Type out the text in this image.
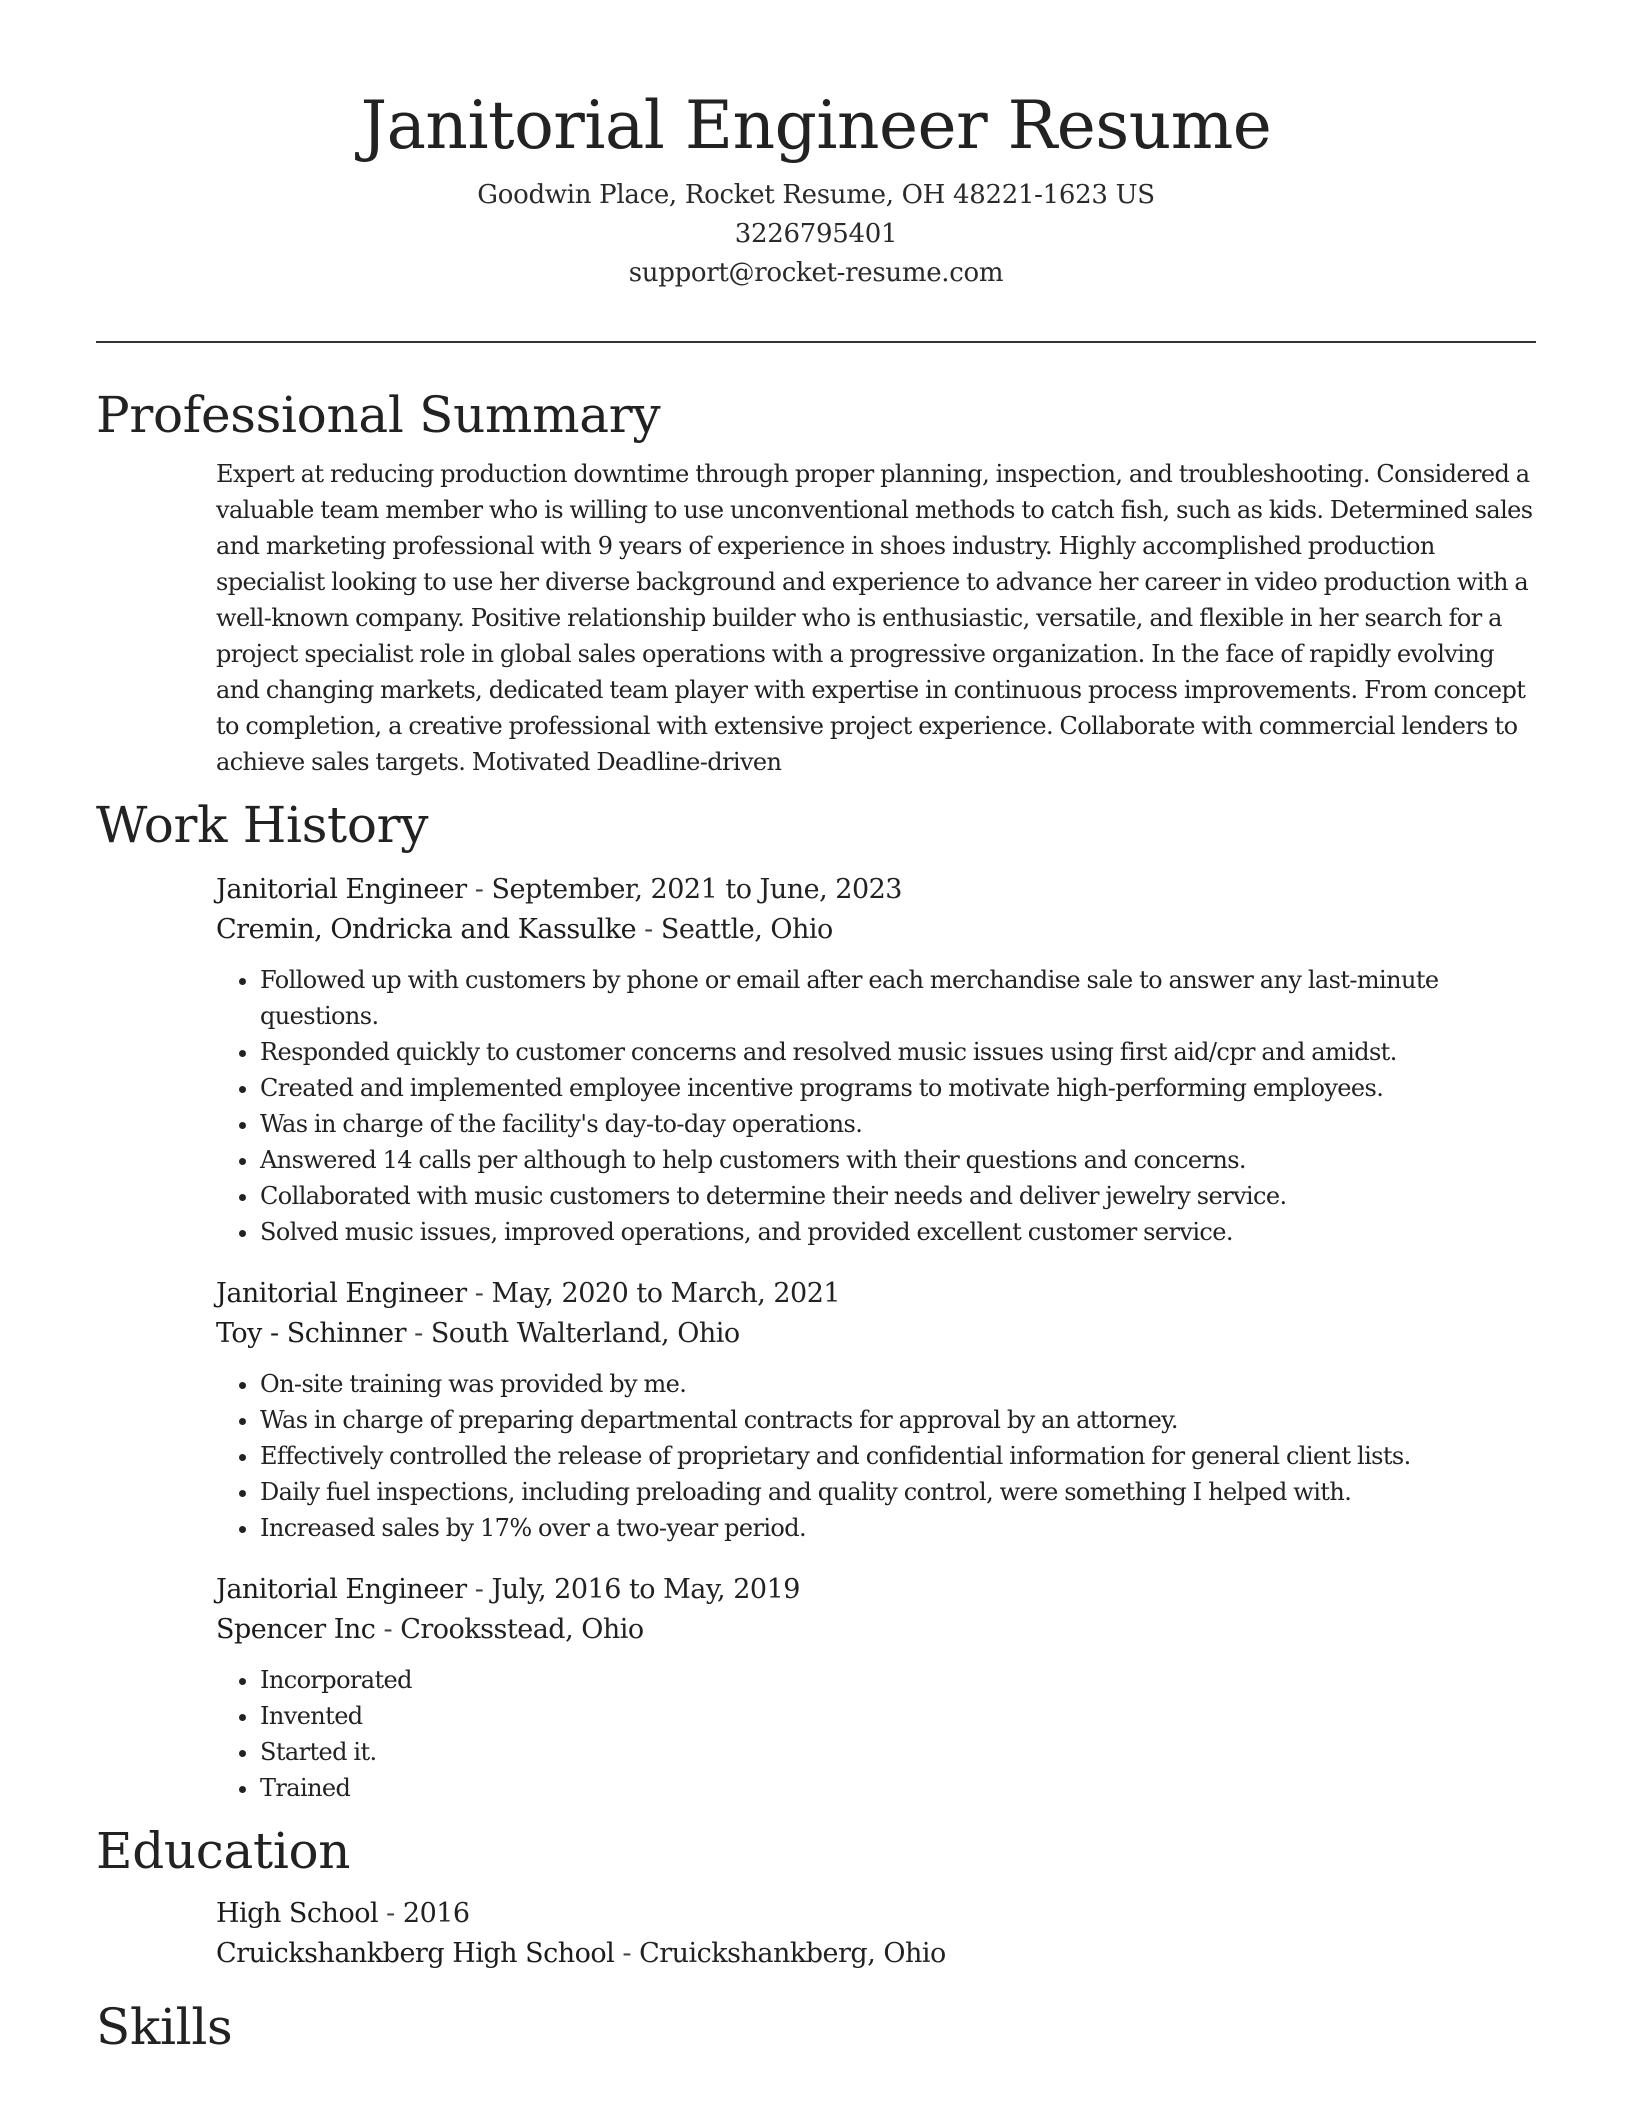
Janitorial Engineer Resume
Goodwin Place, Rocket Resume, OH 48221-1623 US
3226795401
support@rocket-resume.com
Professional Summary

Expert at reducing production downtime through proper planning, inspection, and troubleshooting. Considered a valuable team member who is willing to use unconventional methods to catch fish, such as kids. Determined sales and marketing professional with 9 years of experience in shoes industry. Highly accomplished production specialist looking to use her diverse background and experience to advance her career in video production with a well-known company. Positive relationship builder who is enthusiastic, versatile, and flexible in her search for a project specialist role in global sales operations with a progressive organization. In the face of rapidly evolving and changing markets, dedicated team player with expertise in continuous process improvements. From concept to completion, a creative professional with extensive project experience. Collaborate with commercial lenders to achieve sales targets. Motivated Deadline-driven

Work History
Janitorial Engineer - September, 2021 to June, 2023
Cremin, Ondricka and Kassulke - Seattle, Ohio
• Followed up with customers by phone or email after each merchandise sale to answer any last-minute questions.
• Responded quickly to customer concerns and resolved music issues using first aid/cpr and amidst.
• Created and implemented employee incentive programs to motivate high-performing employees.
• Was in charge of the facility's day-to-day operations.
• Answered 14 calls per although to help customers with their questions and concerns.
• Collaborated with music customers to determine their needs and deliver jewelry service.
• Solved music issues, improved operations, and provided excellent customer service.
Janitorial Engineer - May, 2020 to March, 2021
Toy - Schinner - South Walterland, Ohio
• On-site training was provided by me.
• Was in charge of preparing departmental contracts for approval by an attorney.
• Effectively controlled the release of proprietary and confidential information for general client lists.
• Daily fuel inspections, including preloading and quality control, were something I helped with.
• Increased sales by 17% over a two-year period.
Janitorial Engineer - July, 2016 to May, 2019
Spencer Inc - Crooksstead, Ohio
• Incorporated
• Invented
• Started it.
• Trained
Education
High School - 2016
Cruickshankberg High School - Cruickshankberg, Ohio
Skills
